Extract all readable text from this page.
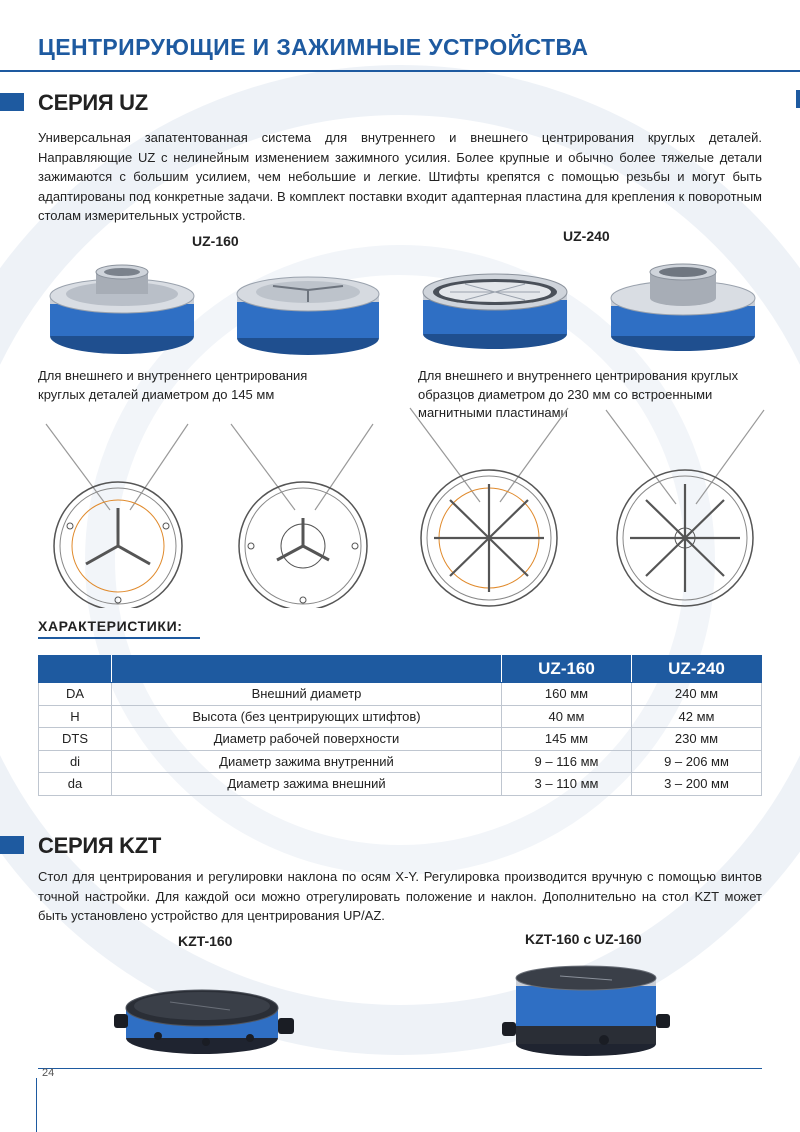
ЦЕНТРИРУЮЩИЕ И ЗАЖИМНЫЕ УСТРОЙСТВА
СЕРИЯ UZ
Универсальная запатентованная система для внутреннего и внешнего центрирования круглых деталей. Направляющие UZ с нелинейным изменением зажимного усилия. Более крупные и обычно более тяжелые детали зажимаются с большим усилием, чем небольшие и легкие. Штифты крепятся с помощью резьбы и могут быть адаптированы под конкретные задачи. В комплект поставки входит адаптерная пластина для крепления к поворотным столам измерительных устройств.
UZ-160	UZ-240
Для внешнего и внутреннего центрирования круглых деталей диаметром до 145 мм
Для внешнего и внутреннего центрирования круглых образцов диаметром до 230 мм со встроенными магнитными пластинами
ХАРАКТЕРИСТИКИ:
		UZ-160	UZ-240
DA	Внешний диаметр	160 мм	240 мм
H	Высота (без центрирующих штифтов)	40 мм	42 мм
DTS	Диаметр рабочей поверхности	145 мм	230 мм
di	Диаметр зажима внутренний	9 – 116 мм	9 – 206 мм
da	Диаметр зажима внешний	3 – 110 мм	3 – 200 мм
СЕРИЯ KZT
Стол для центрирования и регулировки наклона по осям X-Y. Регулировка производится вручную с помощью винтов точной настройки. Для каждой оси можно отрегулировать положение и наклон. Дополнительно на стол KZT может быть установлено устройство для центрирования UP/AZ.
KZT-160	KZT-160 с UZ-160
24
